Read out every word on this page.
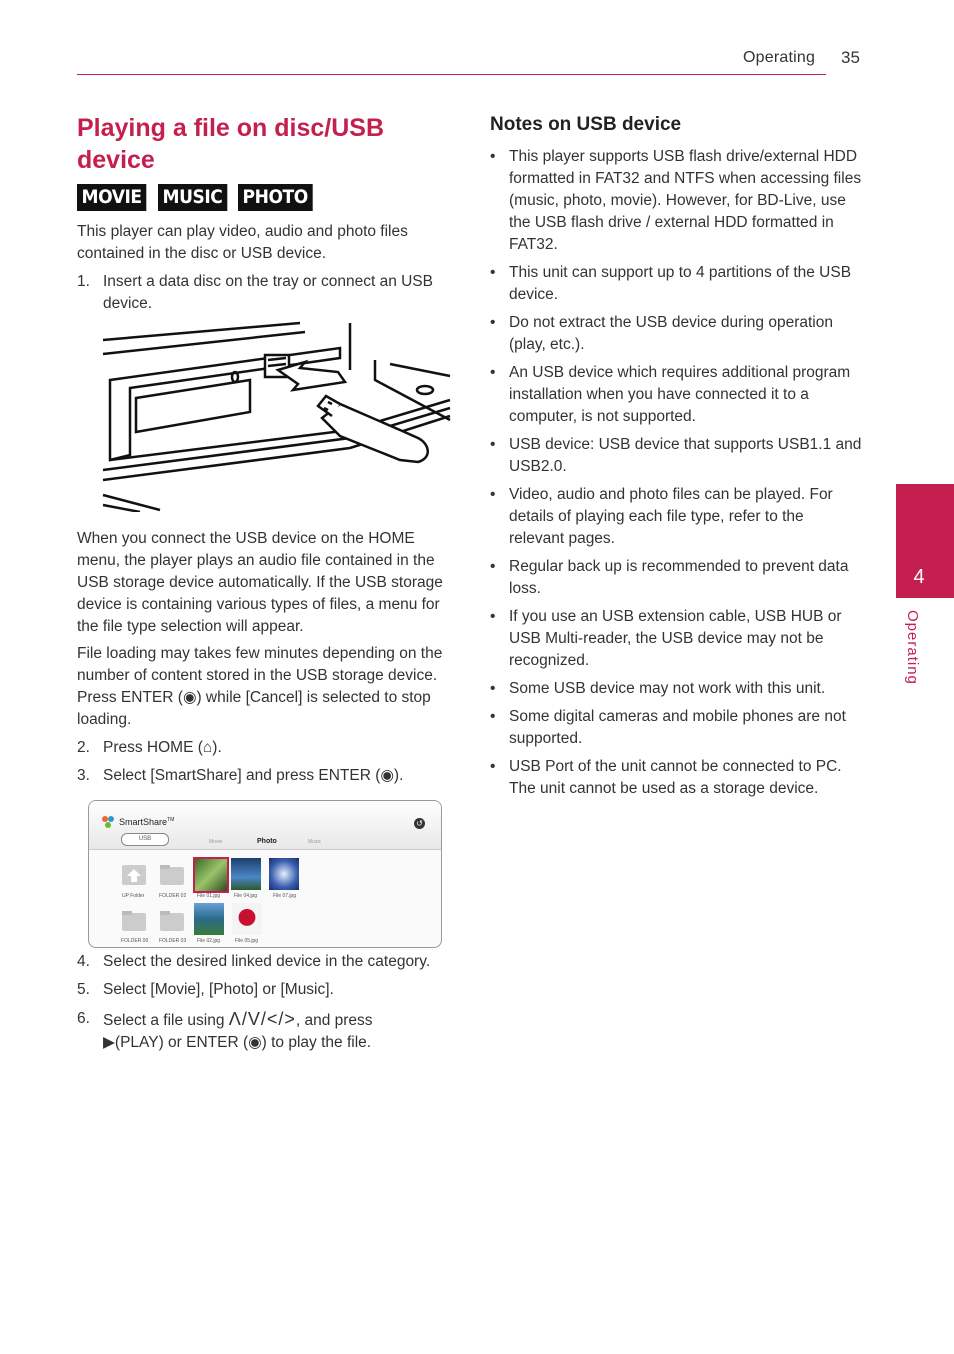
Operating 35
4
Operating
Playing a file on disc/USB device
MOVIE MUSIC PHOTO
This player can play video, audio and photo files contained in the disc or USB device.
1. Insert a data disc on the tray or connect an USB device.
When you connect the USB device on the HOME menu, the player plays an audio file contained in the USB storage device automatically. If the USB storage device is containing various types of files, a menu for the file type selection will appear.
File loading may takes few minutes depending on the number of content stored in the USB storage device. Press ENTER (◉) while [Cancel] is selected to stop loading.
2. Press HOME (⌂).
3. Select [SmartShare] and press ENTER (◉).
SmartShare™
USB	Movie	Photo	Music
↺
UP Folder	FOLDER 02 File 01.jpg	File 04.jpg	File 07.jpg
FOLDER 00 FOLDER 03 File 02.jpg	File 05.jpg
4. Select the desired linked device in the category.
5. Select [Movie], [Photo] or [Music].
6. Select a file using Λ/V/</>, and press
▶(PLAY) or ENTER (◉) to play the file.
Notes on USB device
• This player supports USB flash drive/external HDD formatted in FAT32 and NTFS when accessing files (music, photo, movie). However, for BD-Live, use the USB flash drive / external HDD formatted in FAT32.
• This unit can support up to 4 partitions of the USB device.
• Do not extract the USB device during operation (play, etc.).
• An USB device which requires additional program installation when you have connected it to a computer, is not supported.
• USB device: USB device that supports USB1.1 and USB2.0.
• Video, audio and photo files can be played. For details of playing each file type, refer to the relevant pages.
• Regular back up is recommended to prevent data loss.
• If you use an USB extension cable, USB HUB or USB Multi-reader, the USB device may not be recognized.
• Some USB device may not work with this unit.
• Some digital cameras and mobile phones are not supported.
• USB Port of the unit cannot be connected to PC. The unit cannot be used as a storage device.
